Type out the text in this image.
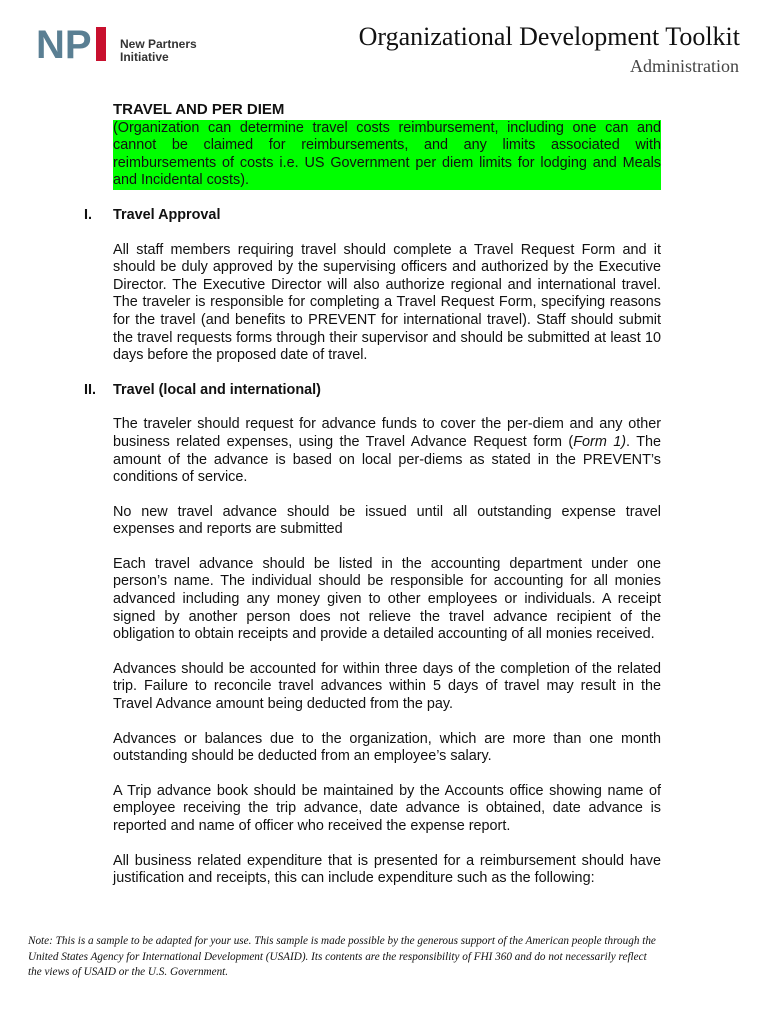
NP New Partners
Initiative
Organizational Development Toolkit
Administration
TRAVEL AND PER DIEM
(Organization can determine travel costs reimbursement, including one can and cannot be claimed for reimbursements, and any limits associated with reimbursements of costs i.e. US Government per diem limits for lodging and Meals and Incidental costs).
I. Travel Approval

All staff members requiring travel should complete a Travel Request Form and it should be duly approved by the supervising officers and authorized by the Executive Director. The Executive Director will also authorize regional and international travel. The traveler is responsible for completing a Travel Request Form, specifying reasons for the travel (and benefits to PREVENT for international travel). Staff should submit the travel requests forms through their supervisor and should be submitted at least 10 days before the proposed date of travel.

II. Travel (local and international)

The traveler should request for advance funds to cover the per-diem and any other business related expenses, using the Travel Advance Request form (Form 1). The amount of the advance is based on local per-diems as stated in the PREVENT’s conditions of service.

No new travel advance should be issued until all outstanding expense travel expenses and reports are submitted

Each travel advance should be listed in the accounting department under one person’s name. The individual should be responsible for accounting for all monies advanced including any money given to other employees or individuals. A receipt signed by another person does not relieve the travel advance recipient of the obligation to obtain receipts and provide a detailed accounting of all monies received.

Advances should be accounted for within three days of the completion of the related trip. Failure to reconcile travel advances within 5 days of travel may result in the Travel Advance amount being deducted from the pay.

Advances or balances due to the organization, which are more than one month outstanding should be deducted from an employee’s salary.

A Trip advance book should be maintained by the Accounts office showing name of employee receiving the trip advance, date advance is obtained, date advance is reported and name of officer who received the expense report.

All business related expenditure that is presented for a reimbursement should have justification and receipts, this can include expenditure such as the following:

Note: This is a sample to be adapted for your use. This sample is made possible by the generous support of the American people through the United States Agency for International Development (USAID). Its contents are the responsibility of FHI 360 and do not necessarily reflect the views of USAID or the U.S. Government.
